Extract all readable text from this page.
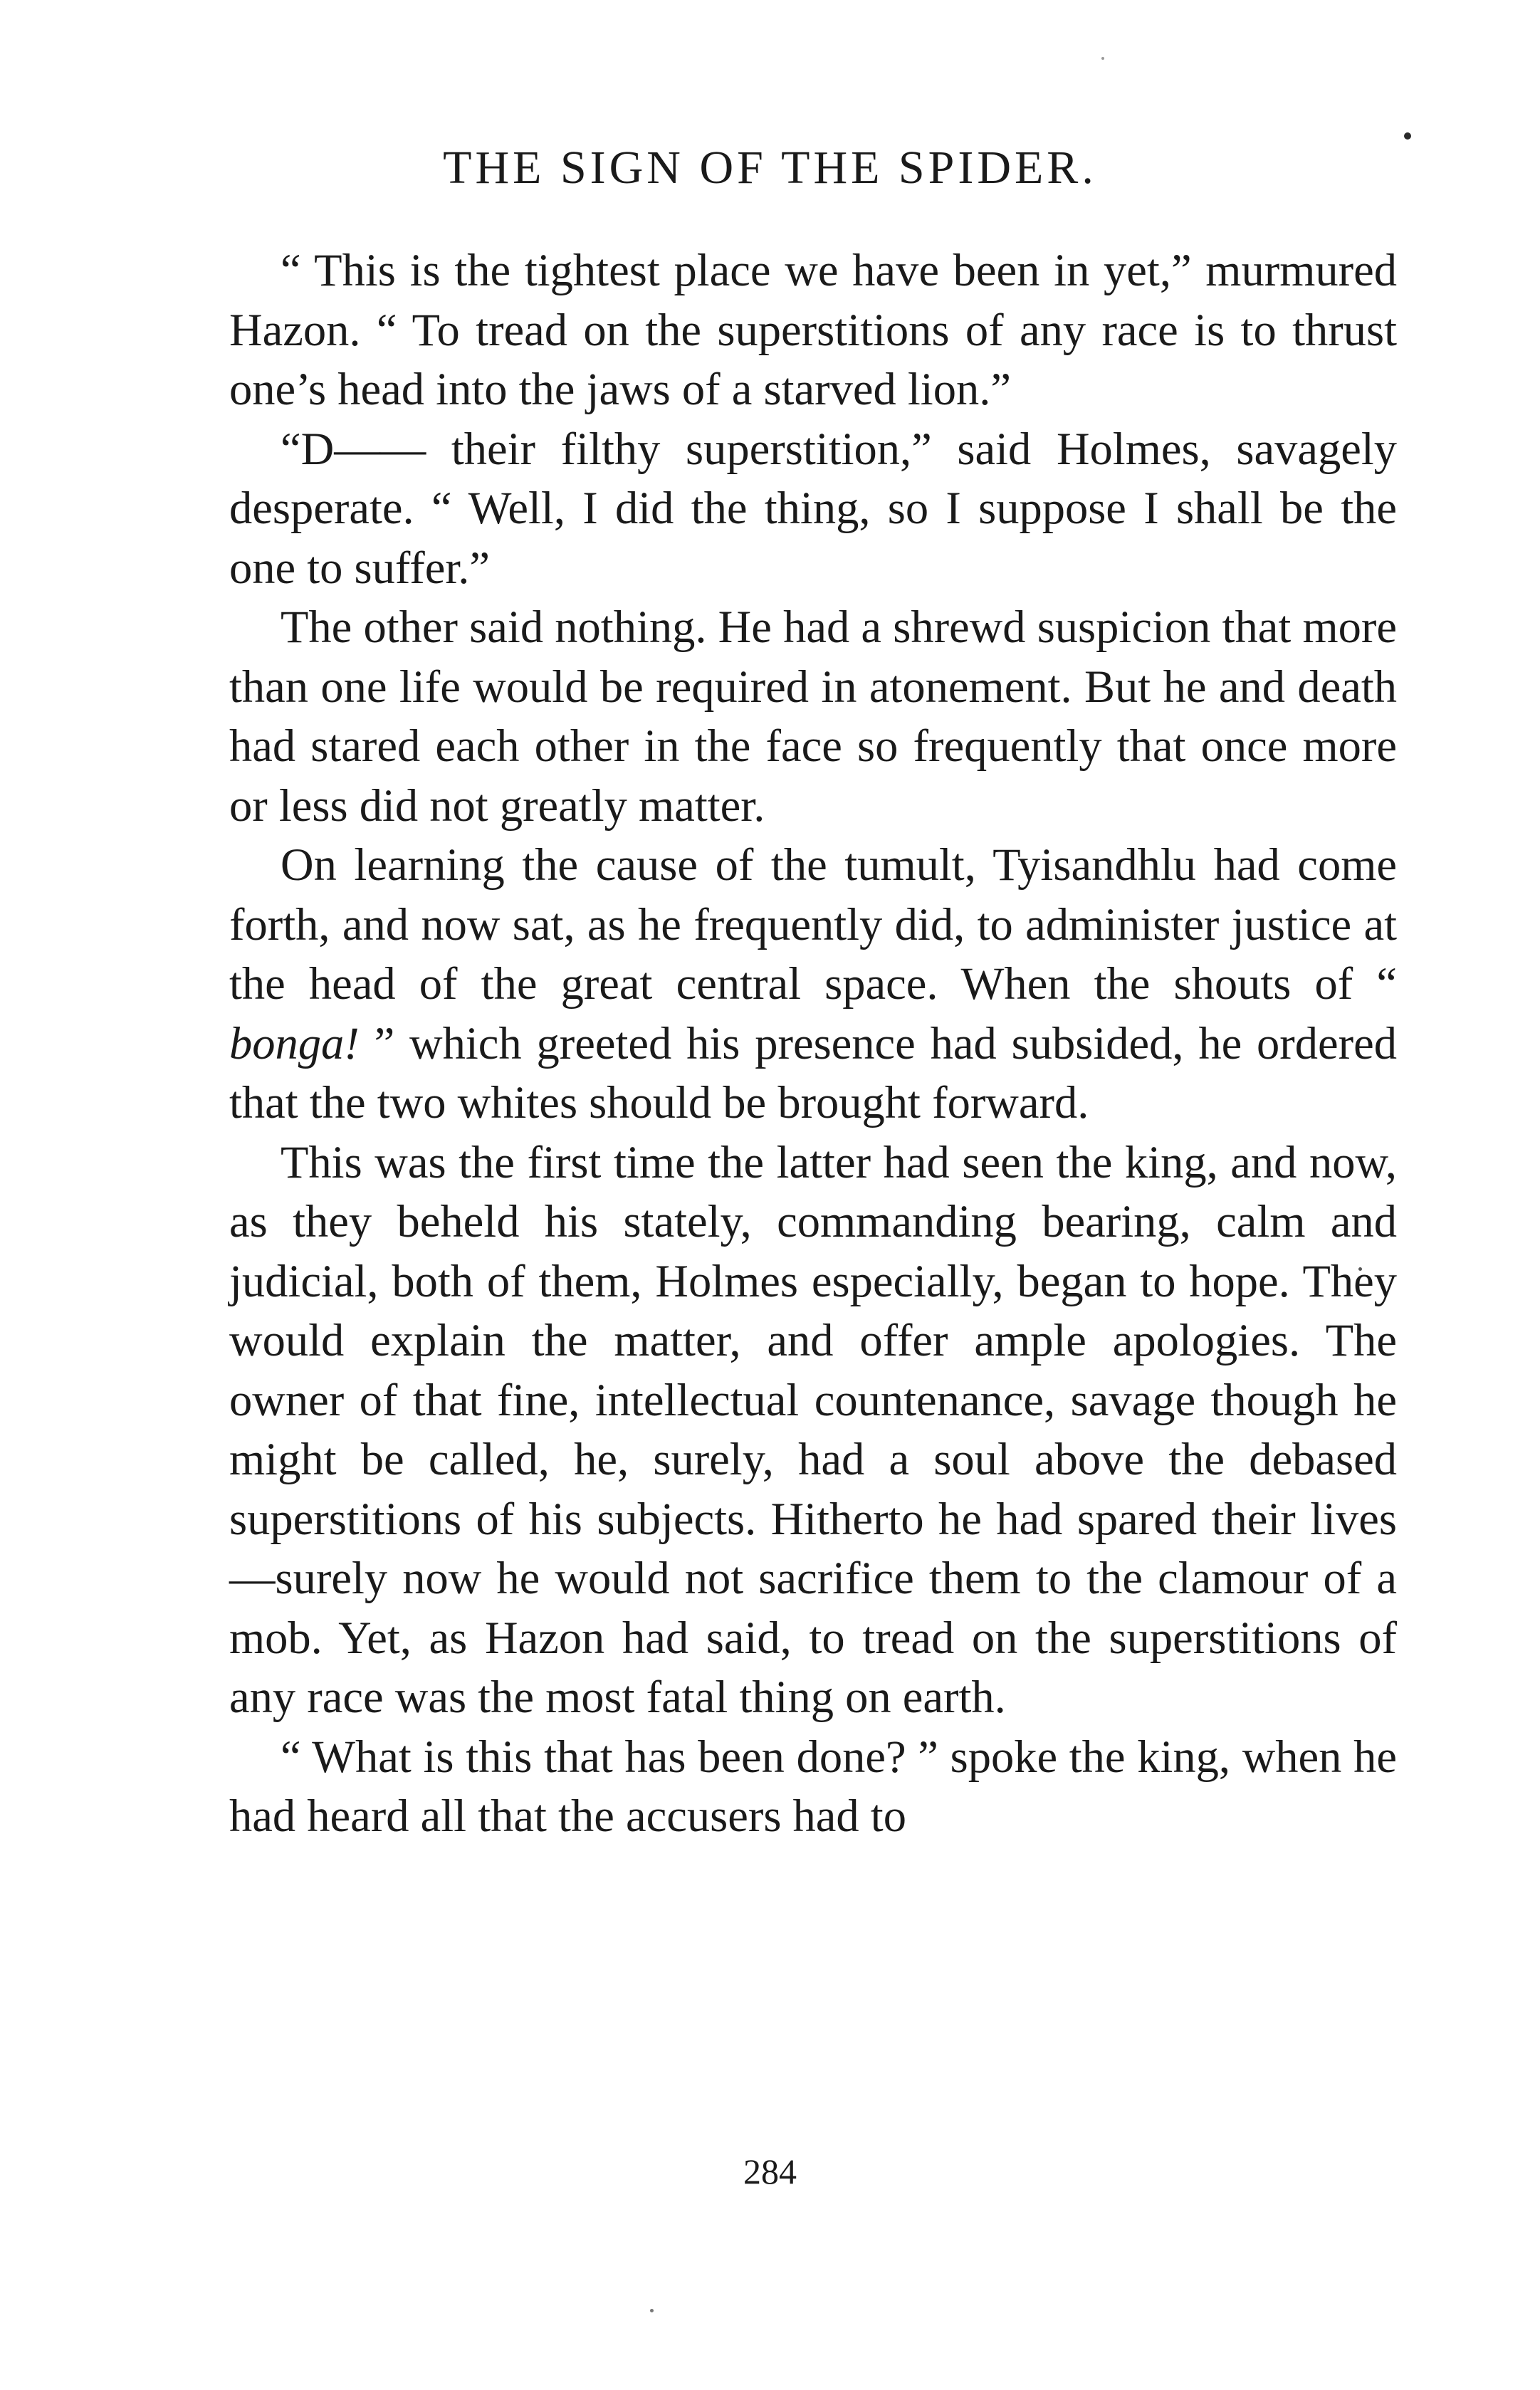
THE SIGN OF THE SPIDER.

“ This is the tightest place we have been in yet,” murmured Hazon. “ To tread on the superstitions of any race is to thrust one’s head into the jaws of a starved lion.”

“D—— their filthy superstition,” said Holmes, savagely desperate. “ Well, I did the thing, so I suppose I shall be the one to suffer.”

The other said nothing. He had a shrewd suspicion that more than one life would be required in atonement. But he and death had stared each other in the face so frequently that once more or less did not greatly matter.

On learning the cause of the tumult, Tyisandhlu had come forth, and now sat, as he frequently did, to administer justice at the head of the great central space. When the shouts of “ bonga! ” which greeted his presence had subsided, he ordered that the two whites should be brought forward.

This was the first time the latter had seen the king, and now, as they beheld his stately, commanding bearing, calm and judicial, both of them, Holmes especially, began to hope. They would explain the matter, and offer ample apologies. The owner of that fine, intellectual countenance, savage though he might be called, he, surely, had a soul above the debased superstitions of his subjects. Hitherto he had spared their lives—surely now he would not sacrifice them to the clamour of a mob. Yet, as Hazon had said, to tread on the superstitions of any race was the most fatal thing on earth.

“ What is this that has been done? ” spoke the king, when he had heard all that the accusers had to

284
